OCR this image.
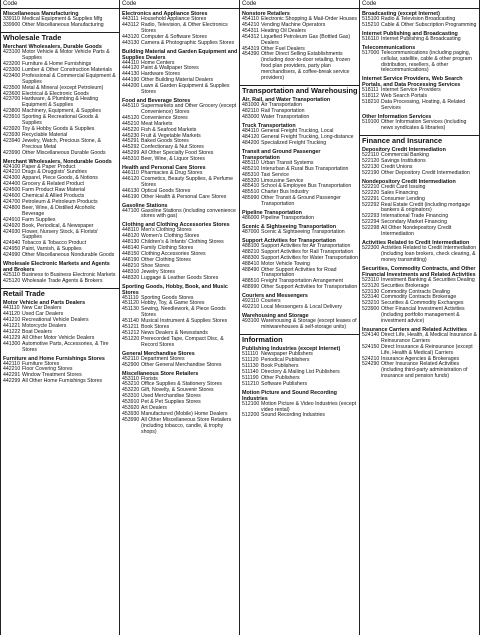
Code
Miscellaneous Manufacturing
339110 Medical Equipment & Supplies Mfg
339900 Other Miscellaneous Manufacturing
Wholesale Trade
Merchant Wholesalers, Durable Goods
423100 Motor Vehicle & Motor Vehicle Parts & Supplies
423200 Furniture & Home Furnishings
423300 Lumber & Other Construction Materials
423400 Professional & Commercial Equipment & Supplies
423500 Metal & Mineral (except Petroleum)
423600 Electrical & Electronic Goods
423700 Hardware, & Plumbing & Heating Equipment & Supplies
423800 Machinery, Equipment, & Supplies
423910 Sporting & Recreational Goods & Supplies
423920 Toy & Hobby Goods & Supplies
423930 Recyclable Material
423940 Jewelry, Watch, Precious Stone, & Precious Metal
423990 Other Miscellaneous Durable Goods
Merchant Wholesalers, Nondurable Goods
424100 Paper & Paper Product
424210 Drugs & Druggists' Sundries
424300 Apparel, Piece Goods, & Notions
424400 Grocery & Related Product
424500 Farm Product Raw Material
424600 Chemical & Allied Products
424700 Petroleum & Petroleum Products
424800 Beer, Wine, & Distilled Alcoholic Beverage
424910 Farm Supplies
424920 Book, Periodical, & Newspaper
424930 Flower, Nursery Stock, & Florists' Supplies
424940 Tobacco & Tobacco Product
424950 Paint, Varnish, & Supplies
424990 Other Miscellaneous Nondurable Goods
Wholesale Electronic Markets and Agents and Brokers
425110 Business to Business Electronic Markets
425120 Wholesale Trade Agents & Brokers
Retail Trade
Motor Vehicle and Parts Dealers
441110 New Car Dealers
441120 Used Car Dealers
441210 Recreational Vehicle Dealers
441221 Motorcycle Dealers
441222 Boat Dealers
441229 All Other Motor Vehicle Dealers
441300 Automotive Parts, Accessories, & Tire Stores
Furniture and Home Furnishings Stores
442110 Furniture Stores
442210 Floor Covering Stores
442291 Window Treatment Stores
442299 All Other Home Furnishings Stores
Code
Electronics and Appliance Stores
443111 Household Appliance Stores
443112 Radio, Television, & Other Electronics Stores
443120 Computer & Software Stores
443130 Camera & Photographic Supplies Stores
Building Material and Garden Equipment and Supplies Dealers
444110 Home Centers
444120 Paint & Wallpaper Stores
444130 Hardware Stores
444190 Other Building Material Dealers
444200 Lawn & Garden Equipment & Supplies Stores
Food and Beverage Stores
445110 Supermarkets and Other Grocery (except Convenience) Stores
445120 Convenience Stores
445210 Meat Markets
445220 Fish & Seafood Markets
445230 Fruit & Vegetable Markets
445291 Baked Goods Stores
445292 Confectionary & Nut Stores
445299 All Other Specialty Food Stores
445310 Beer, Wine, & Liquor Stores
Health and Personal Care Stores
446110 Pharmacies & Drug Stores
446120 Cosmetics, Beauty Supplies, & Perfume Stores
446130 Optical Goods Stores
446190 Other Health & Personal Care Stores
Gasoline Stations
447100 Gasoline Stations (including convenience stores with gas)
Clothing and Clothing Accessories Stores
448110 Men's Clothing Stores
448120 Women's Clothing Stores
448130 Children's & Infants' Clothing Stores
448140 Family Clothing Stores
448150 Clothing Accessories Stores
448190 Other Clothing Stores
448210 Shoe Stores
448310 Jewelry Stores
448320 Luggage & Leather Goods Stores
Sporting Goods, Hobby, Book, and Music Stores
451110 Sporting Goods Stores
451120 Hobby, Toy, & Game Stores
451130 Sewing, Needlework, & Piece Goods Stores
451140 Musical Instrument & Supplies Stores
451211 Book Stores
451212 News Dealers & Newsstands
451220 Prerecorded Tape, Compact Disc, & Record Stores
General Merchandise Stores
452110 Department Stores
452900 Other General Merchandise Stores
Miscellaneous Store Retailers
453110 Florists
453210 Office Supplies & Stationery Stores
453220 Gift, Novelty, & Souvenir Stores
453310 Used Merchandise Stores
453910 Pet & Pet Supplies Stores
453920 Art Dealers
453930 Manufactured (Mobile) Home Dealers
453990 All Other Miscellaneous Store Retailers (including tobacco, candle, & trophy shops)
Code
Nonstore Retailers
454110 Electronic Shopping & Mail-Order Houses
454210 Vending Machine Operators
454311 Heating Oil Dealers
454312 Liquefied Petroleum Gas (Bottled Gas) Dealers
454319 Other Fuel Dealers
454390 Other Direct Selling Establishments (including door-to-door retailing, frozen food plan providers, party plan merchandisers, & coffee-break service providers)
Transportation and Warehousing
Air, Rail, and Water Transportation
481000 Air Transportation
482110 Rail Transportation
483000 Water Transportation
Truck Transportation
484110 General Freight Trucking, Local
484120 General Freight Trucking, Long-distance
484200 Specialized Freight Trucking
Transit and Ground Passenger Transportation
485110 Urban Transit Systems
485210 Interurban & Rural Bus Transportation
485310 Taxi Service
485320 Limousine Service
485410 School & Employee Bus Transportation
485510 Charter Bus Industry
485990 Other Transit & Ground Passenger Transportation
Pipeline Transportation
486000 Pipeline Transportation
Scenic & Sightseeing Transportation
487000 Scenic & Sightseeing Transportation
Support Activities for Transportation
488100 Support Activities for Air Transportation
488210 Support Activities for Rail Transportation
488300 Support Activities for Water Transportation
488410 Motor Vehicle Towing
488490 Other Support Activities for Road Transportation
488510 Freight Transportation Arrangement
488990 Other Support Activities for Transportation
Couriers and Messengers
492110 Couriers
492210 Local Messengers & Local Delivery
Warehousing and Storage
493100 Warehousing & Storage (except leases of miniwarehouses & self-storage units)
Information
Publishing Industries (except Internet)
511110 Newspaper Publishers
511120 Periodical Publishers
511130 Book Publishers
511140 Directory & Mailing List Publishers
511190 Other Publishers
511210 Software Publishers
Motion Picture and Sound Recording Industries
512100 Motion Picture & Video Industries (except video rental)
512200 Sound Recording Industries
Code
Broadcasting (except Internet)
515100 Radio & Television Broadcasting
515210 Cable & Other Subscription Programming
Internet Publishing and Broadcasting
516110 Internet Publishing & Broadcasting
Telecommunications
517000 Telecommunications (including paging, cellular, satellite, cable & other program distribution, resellers, & other telecommunications)
Internet Service Providers, Web Search Portals, and Data Processing Services
518111 Internet Service Providers
518112 Web Search Portals
518210 Data Processing, Hosting, & Related Services
Other Information Services
519100 Other Information Services (including news syndicates & libraries)
Finance and Insurance
Depository Credit Intermediation
522110 Commercial Banking
522120 Savings Institutions
522130 Credit Unions
522190 Other Depository Credit Intermediation
Nondepository Credit Intermediation
522210 Credit Card Issuing
522220 Sales Financing
522291 Consumer Lending
522292 Real Estate Credit (including mortgage bankers & originators)
522293 International Trade Financing
522294 Secondary Market Financing
522298 All Other Nondepository Credit Intermediation
Activities Related to Credit Intermediation
522300 Activities Related to Credit Intermediation (including loan brokers, check clearing, & money transmitting)
Securities, Commodity Contracts, and Other Financial Investments and Related Activities
523110 Investment Banking & Securities Dealing
523120 Securities Brokerage
523130 Commodity Contracts Dealing
523140 Commodity Contracts Brokerage
523210 Securities & Commodity Exchanges
523900 Other Financial Investment Activities (including portfolio management & investment advice)
Insurance Carriers and Related Activities
524140 Direct Life, Health, & Medical Insurance & Reinsurance Carriers
524150 Direct Insurance & Reinsurance (except Life, Health & Medical) Carriers
524210 Insurance Agencies & Brokerages
524290 Other Insurance Related Activities (including third-party administration of insurance and pension funds)
